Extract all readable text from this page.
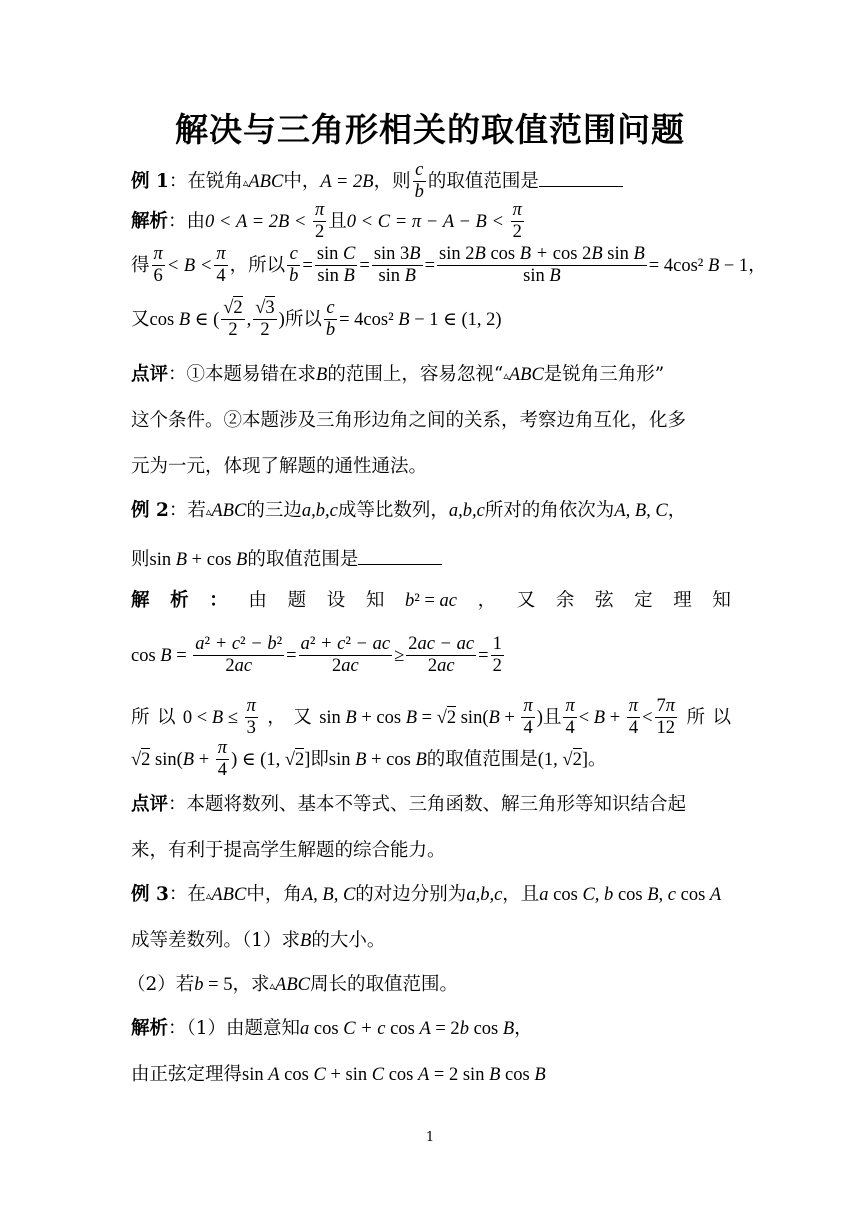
解决与三角形相关的取值范围问题
例 1：在锐角▵ABC中，A = 2B，则 $\frac{c}{b}$ 的取值范围是
解析：由$0 < A = 2B < \frac{\pi}{2}$ 且$0 < C = \pi - A - B < \frac{\pi}{2}$
得 $\frac{\pi}{6} < B < \frac{\pi}{4}$ ，所以 $\frac{c}{b} = \frac{\text{sin C}}{\text{sin B}} = \frac{\sin 3B}{\text{sin B}} = \frac{\text{sin 2B cos B + cos 2B sin B}}{\text{sin B}} = 4\cos^2$ B − 1，
又cos B ∈ ( $\frac{√2}{2}$ , $\frac{√3}{2}$ )所以 $\frac{c}{b} = 4\cos^2$ B − 1 ∈ (1, 2)
点评：①本题易错在求B的范围上，容易忽视“▵ABC是锐角三角形”
这个条件。②本题涉及三角形边角之间的关系，考察边角互化，化多
元为一元，体现了解题的通性通法。
例 2：若▵ABC的三边a,b,c成等比数列，a,b,c所对的角依次为A, B, C，
则sin B + cos B的取值范围是
解 析 ： 由 题 设 知 b² = ac ， 又 余 弦 定 理 知
$\cos B = \frac{\text{a² + c² − b²}}{2ac} = \frac{\text{a² + c² − ac}}{2ac} \ge \frac{2ac - ac}{2ac} = \frac{1}{2}$
所 以 $0 < B \le \frac{\pi}{3}$ ， 又 sin B + cos B = √2 $\sin(B + \frac{\pi}{4}$ )且 $\frac{\pi}{4} < B + \frac{\pi}{4} < \frac{7\pi}{12}$ 所 以
√2 $\sin(B + \frac{\pi}{4}$ ) ∈ (1, √2]即sin B + cos B的取值范围是(1, √2]。
点评：本题将数列、基本不等式、三角函数、解三角形等知识结合起
来，有利于提高学生解题的综合能力。
例 3：在▵ABC中，角A, B, C的对边分别为a,b,c，且a cos C, b cos B, c cos A
成等差数列。（1）求B的大小。
（2）若b = 5，求▵ABC周长的取值范围。
解析：（1）由题意知a cos C + c cos A = 2b cos B，
由正弦定理得sin A cos C + sin C cos A = 2 sin B cos B
1
